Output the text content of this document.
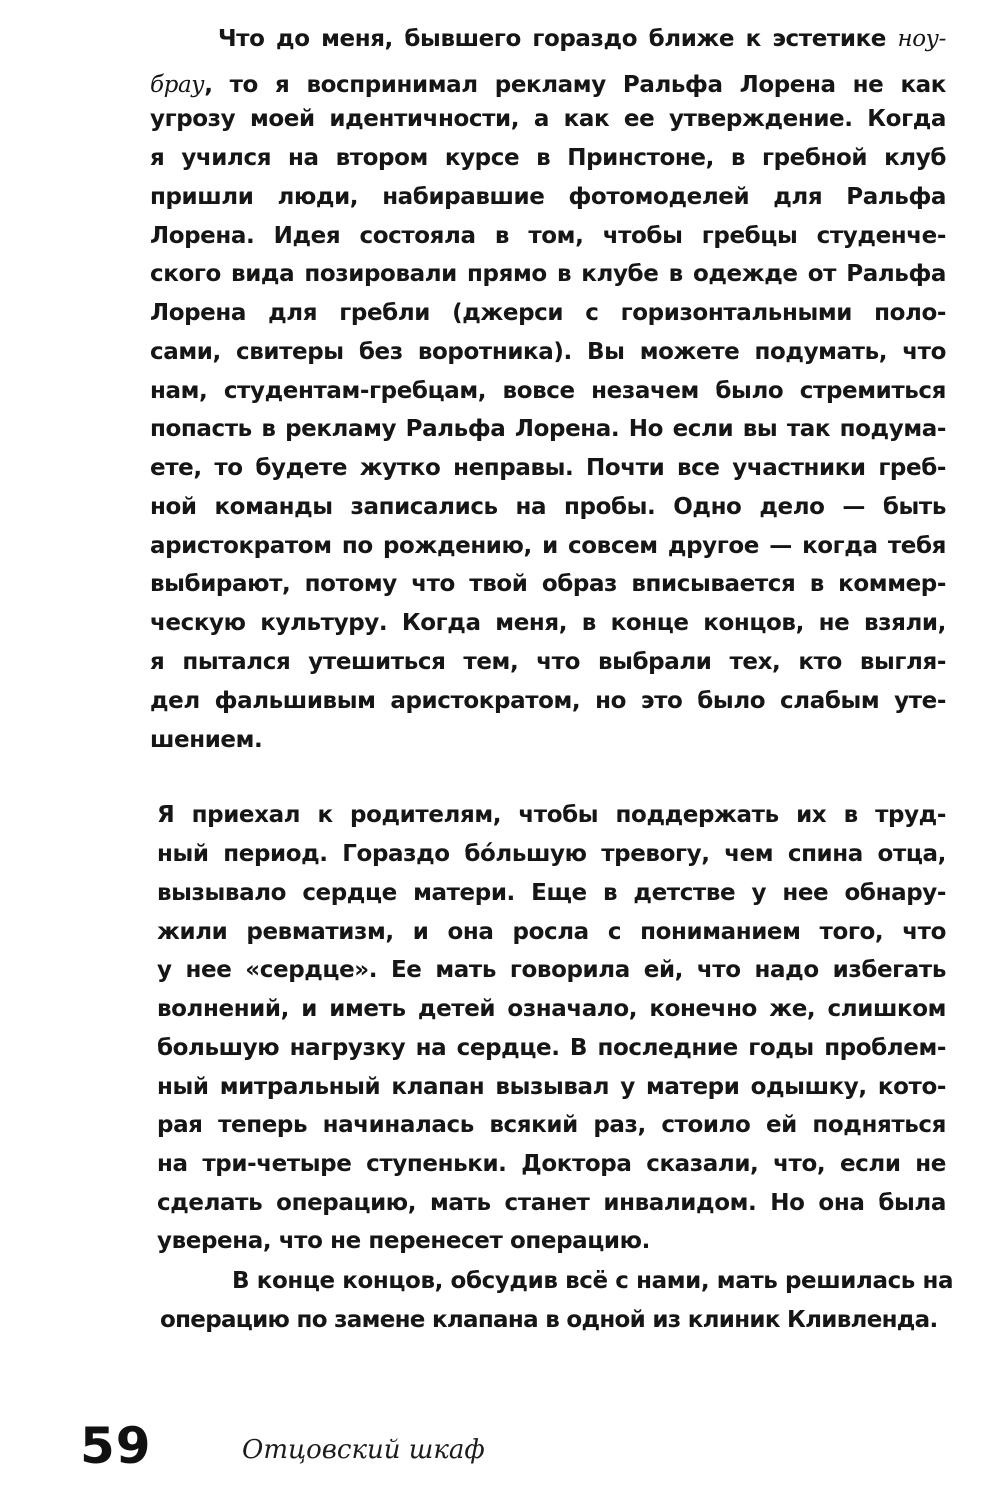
Что до меня, бывшего гораздо ближе к эстетике ноу-
брау, то я воспринимал рекламу Ральфа Лорена не как
угрозу моей идентичности, а как ее утверждение. Когда
я учился на втором курсе в Принстоне, в гребной клуб
пришли люди, набиравшие фотомоделей для Ральфа
Лорена. Идея состояла в том, чтобы гребцы студенче-
ского вида позировали прямо в клубе в одежде от Ральфа
Лорена для гребли (джерси с горизонтальными поло-
сами, свитеры без воротника). Вы можете подумать, что
нам, студентам-гребцам, вовсе незачем было стремиться
попасть в рекламу Ральфа Лорена. Но если вы так подума-
ете, то будете жутко неправы. Почти все участники греб-
ной команды записались на пробы. Одно дело — быть
аристократом по рождению, и совсем другое — когда тебя
выбирают, потому что твой образ вписывается в коммер-
ческую культуру. Когда меня, в конце концов, не взяли,
я пытался утешиться тем, что выбрали тех, кто выгля-
дел фальшивым аристократом, но это было слабым уте-
шением.
Я приехал к родителям, чтобы поддержать их в труд-
ный период. Гораздо бо́льшую тревогу, чем спина отца,
вызывало сердце матери. Еще в детстве у нее обнару-
жили ревматизм, и она росла с пониманием того, что
у нее «сердце». Ее мать говорила ей, что надо избегать
волнений, и иметь детей означало, конечно же, слишком
большую нагрузку на сердце. В последние годы проблем-
ный митральный клапан вызывал у матери одышку, кото-
рая теперь начиналась всякий раз, стоило ей подняться
на три-четыре ступеньки. Доктора сказали, что, если не
сделать операцию, мать станет инвалидом. Но она была
уверена, что не перенесет операцию.
В конце концов, обсудив всё с нами, мать решилась на
операцию по замене клапана в одной из клиник Кливленда.
59	Отцовский шкаф
